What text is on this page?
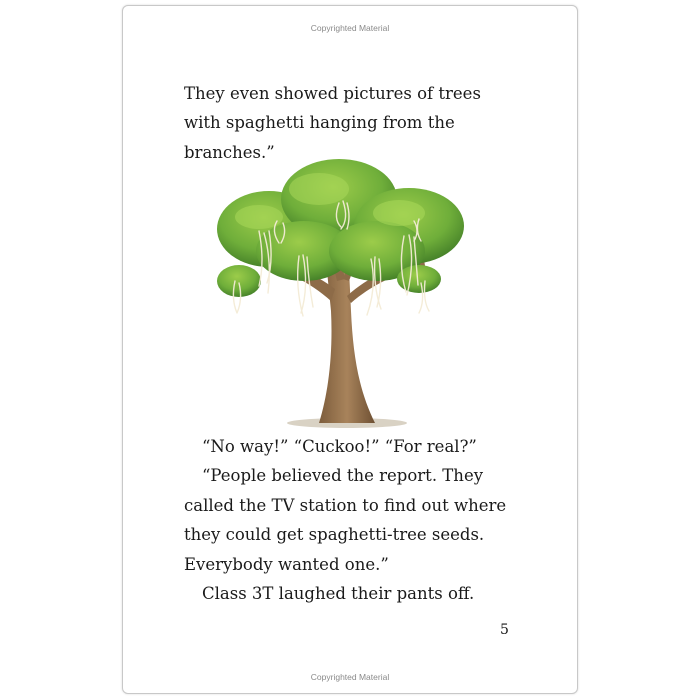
Copyrighted Material

They even showed pictures of trees
with spaghetti hanging from the
branches.”

“No way!” “Cuckoo!” “For real?”
“People believed the report. They
called the TV station to find out where
they could get spaghetti-tree seeds.
Everybody wanted one.”
Class 3T laughed their pants off.

5
Copyrighted Material
